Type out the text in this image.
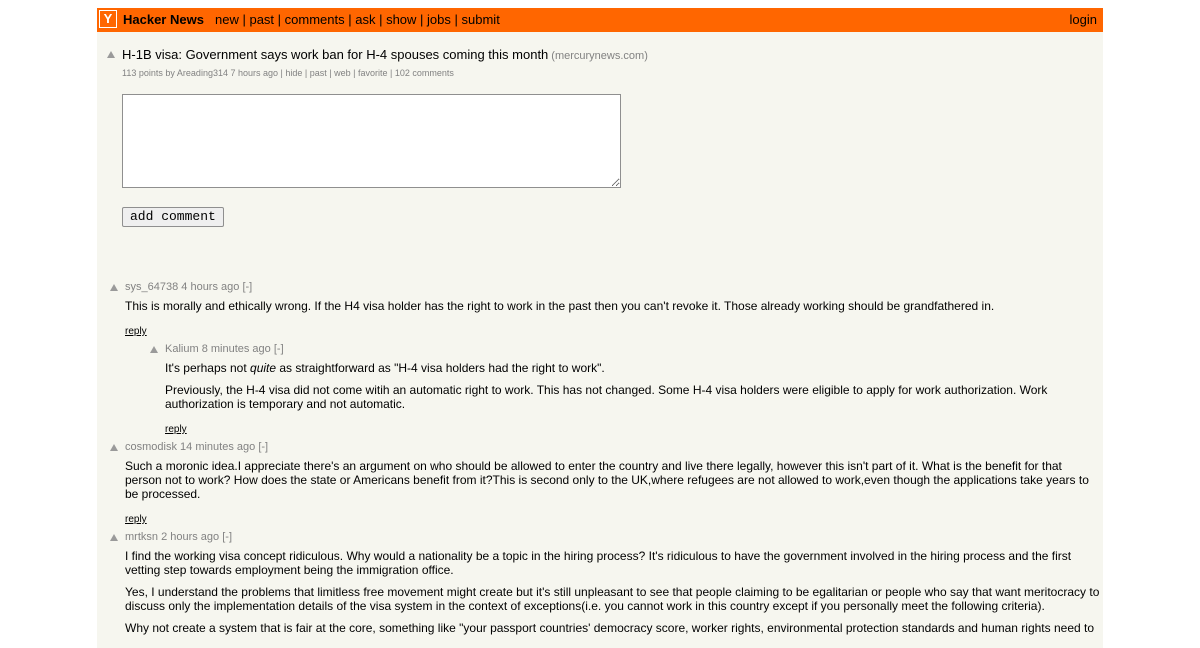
Y Hacker News new | past | comments | ask | show | jobs | submit	login
H-1B visa: Government says work ban for H-4 spouses coming this month (mercurynews.com)
113 points by Areading314 7 hours ago | hide | past | web | favorite | 102 comments
add comment
sys_64738 4 hours ago [-]

This is morally and ethically wrong. If the H4 visa holder has the right to work in the past then you can't revoke it. Those already working should be grandfathered in.

reply
Kalium 8 minutes ago [-]

It's perhaps not quite as straightforward as "H-4 visa holders had the right to work".

Previously, the H-4 visa did not come witih an automatic right to work. This has not changed. Some H-4 visa holders were eligible to apply for work authorization. Work authorization is temporary and not automatic.

reply
cosmodisk 14 minutes ago [-]

Such a moronic idea.I appreciate there's an argument on who should be allowed to enter the country and live there legally, however this isn't part of it. What is the benefit for that person not to work? How does the state or Americans benefit from it?This is second only to the UK,where refugees are not allowed to work,even though the applications take years to be processed.

reply
mrtksn 2 hours ago [-]

I find the working visa concept ridiculous. Why would a nationality be a topic in the hiring process? It's ridiculous to have the government involved in the hiring process and the first vetting step towards employment being the immigration office.

Yes, I understand the problems that limitless free movement might create but it's still unpleasant to see that people claiming to be egalitarian or people who say that want meritocracy to discuss only the implementation details of the visa system in the context of exceptions(i.e. you cannot work in this country except if you personally meet the following criteria).

Why not create a system that is fair at the core, something like "your passport countries' democracy score, worker rights, environmental protection standards and human rights need to
